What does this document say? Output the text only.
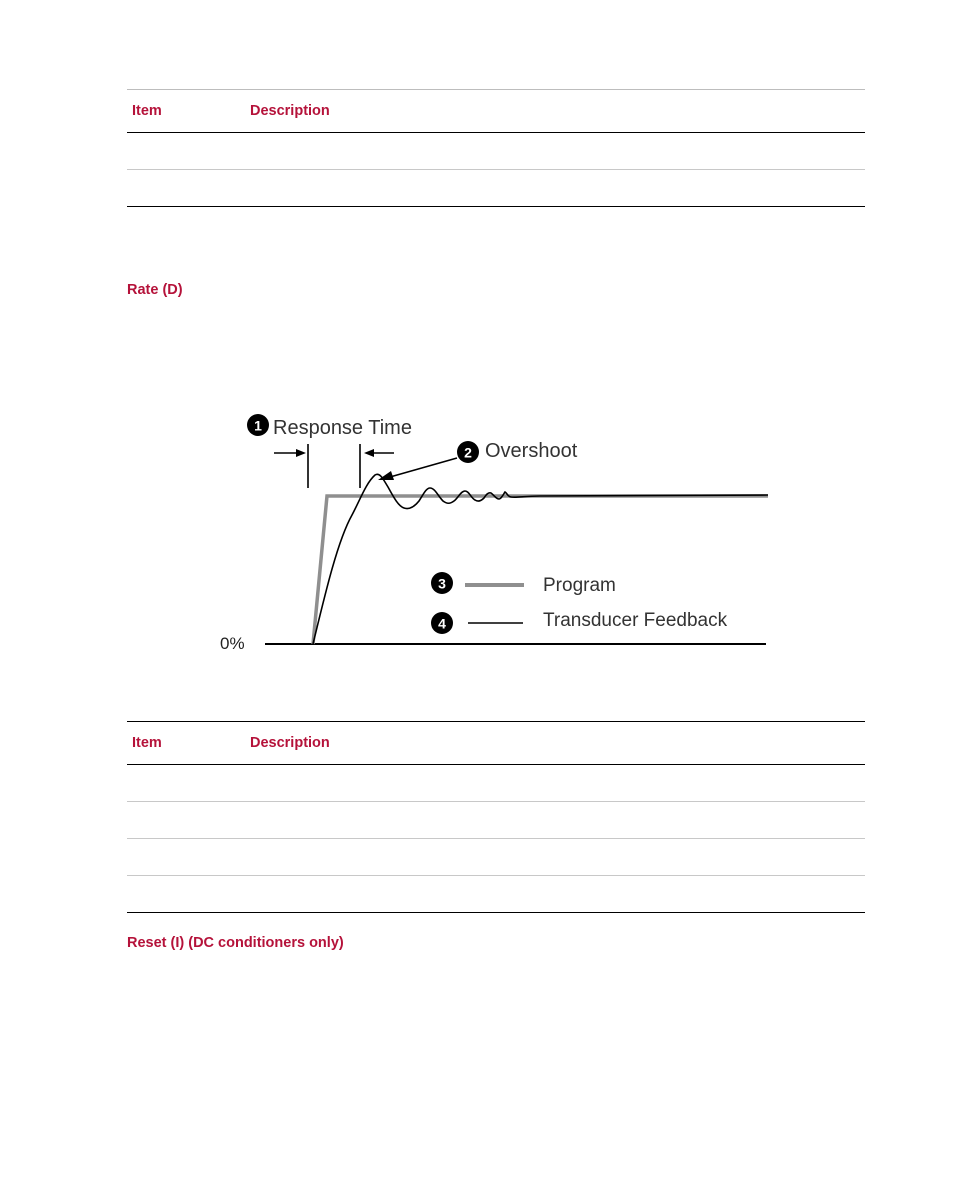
Item	Description
Rate (D)
0%
1 Response Time
2 Overshoot
3	Program
4	Transducer Feedback
Item	Description
Reset (I) (DC conditioners only)
